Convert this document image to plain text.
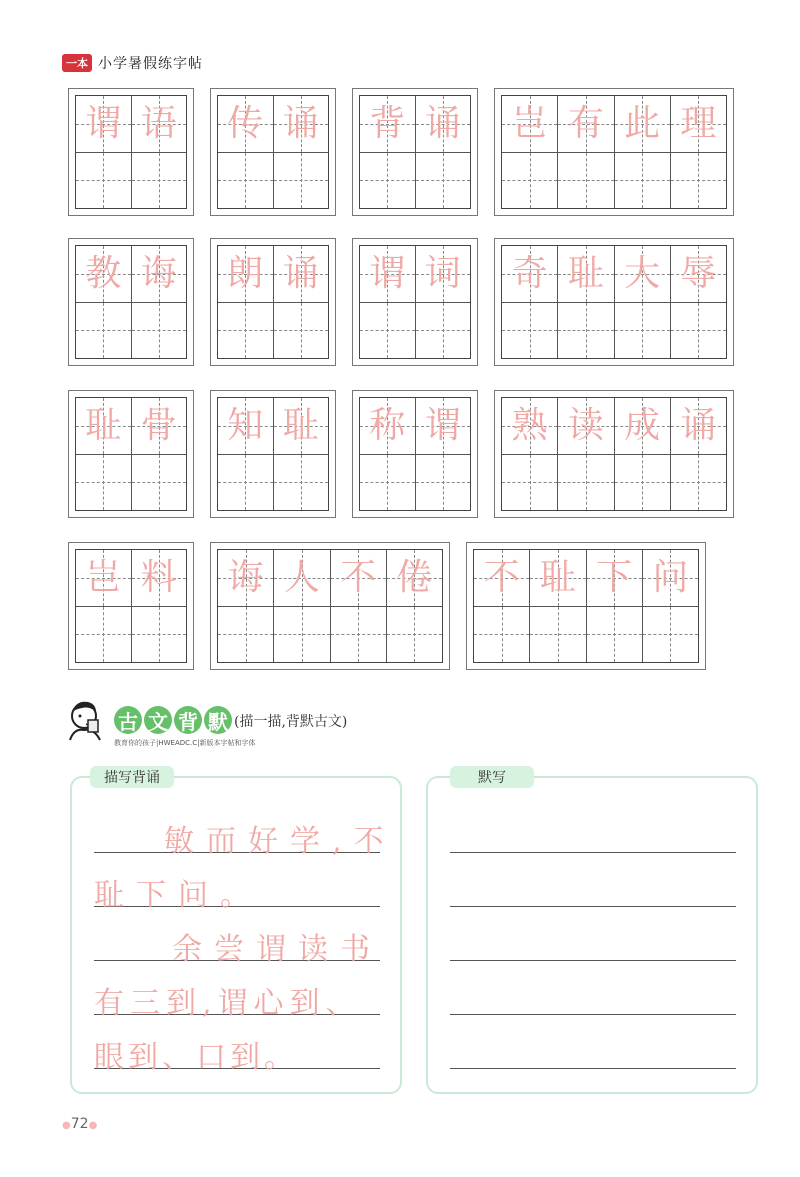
一本 小学暑假练字帖
谓 语 传 诵 背 诵 岂 有 此 理
教 诲 朗 诵 谓 词 奇 耻 大 辱
耻 骨 知 耻 称 谓 熟 读 成 诵
岂 料 诲 人 不 倦 不 耻 下 问
古 文 背 默 (描一描,背默古文)
教育你的孩子|HWEADC.C|新版本字帖和字体
描写背诵
敏而好学,不
耻下问。
余尝谓读书
有三到,谓心到、
眼到、口到。
默写
●72●
